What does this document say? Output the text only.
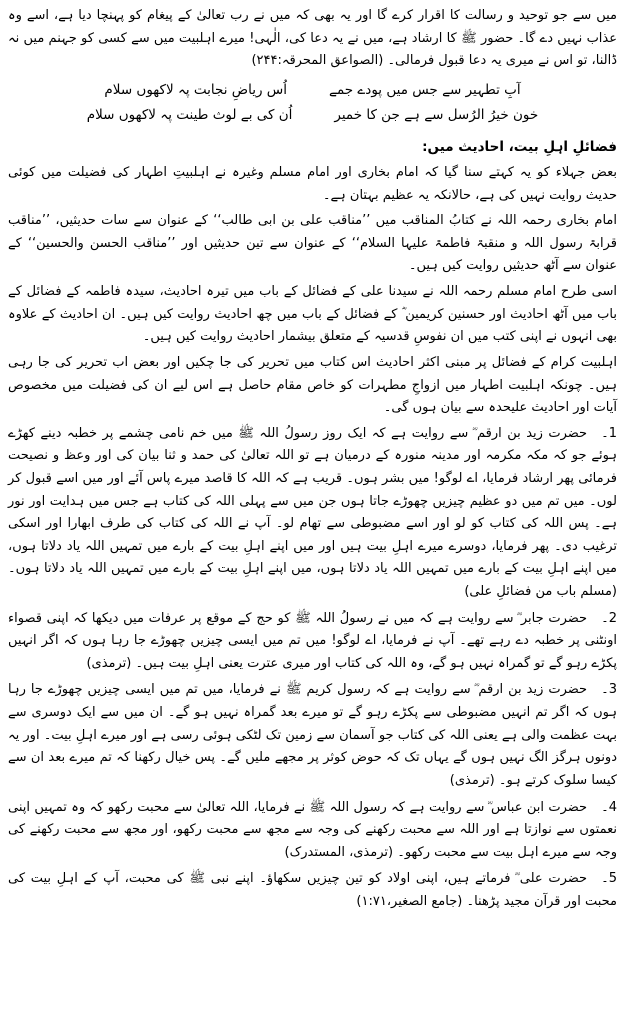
میں سے جو توحید و رسالت کا اقرار کرے گا اور یہ بھی کہ میں نے رب تعالیٰ کے پیغام کو پہنچا دیا ہے، اسے وہ عذاب نہیں دے گا۔ حضور ﷺ کا ارشاد ہے، میں نے یہ دعا کی، الٰہی! میرے اہلبیت میں سے کسی کو جہنم میں نہ ڈالنا، تو اس نے میری یہ دعا قبول فرمالی۔ (الصواعق المحرقہ:۲۴۴)

آبِ تطہیر سے جس میں پودے جمے
اُس ریاضِ نجابت پہ لاکھوں سلام
خون خیرُ الرُسل سے ہے جن کا خمیر
اُن کی بے لوث طینت پہ لاکھوں سلام
فضائلِ اہلِ بیت، احادیث میں:

بعض جہلاء کو یہ کہتے سنا گیا کہ امام بخاری اور امام مسلم وغیرہ نے اہلبیتِ اطہار کی فضیلت میں کوئی حدیث روایت نہیں کی ہے، حالانکہ یہ عظیم بہتان ہے۔

امام بخاری رحمہ اللہ نے کتابُ المناقب میں ’’مناقب علی بن ابی طالب‘‘ کے عنوان سے سات حدیثیں، ’’مناقب قرابۃ رسول اللہ و منقبۃ فاطمۃ علیہا السلام‘‘ کے عنوان سے تین حدیثیں اور ’’مناقب الحسن والحسین‘‘ کے عنوان سے آٹھ حدیثیں روایت کیں ہیں۔

اسی طرح امام مسلم رحمہ اللہ نے سیدنا علی کے فضائل کے باب میں تیرہ احادیث، سیدہ فاطمہ کے فضائل کے باب میں آٹھ احادیث اور حسنین کریمین ؓ کے فضائل کے باب میں چھ احادیث روایت کیں ہیں۔ ان احادیث کے علاوہ بھی انہوں نے اپنی کتب میں ان نفوسِ قدسیہ کے متعلق بیشمار احادیث روایت کیں ہیں۔

اہلبیت کرام کے فضائل پر مبنی اکثر احادیث اس کتاب میں تحریر کی جا چکیں اور بعض اب تحریر کی جا رہی ہیں۔ چونکہ اہلبیت اطہار میں ازواجِ مطہرات کو خاص مقام حاصل ہے اس لیے ان کی فضیلت میں مخصوص آیات اور احادیث علیحدہ سے بیان ہوں گی۔

1۔حضرت زید بن ارقم ؓ سے روایت ہے کہ ایک روز رسولُ اللہ ﷺ میں خم نامی چشمے پر خطبہ دینے کھڑے ہوئے جو کہ مکہ مکرمہ اور مدینہ منورہ کے درمیان ہے تو اللہ تعالیٰ کی حمد و ثنا بیان کی اور وعظ و نصیحت فرمائی پھر ارشاد فرمایا، اے لوگو! میں بشر ہوں۔ قریب ہے کہ اللہ کا قاصد میرے پاس آئے اور میں اسے قبول کر لوں۔ میں تم میں دو عظیم چیزیں چھوڑے جاتا ہوں جن میں سے پہلی اللہ کی کتاب ہے جس میں ہدایت اور نور ہے۔ پس اللہ کی کتاب کو لو اور اسے مضبوطی سے تھام لو۔ آپ نے اللہ کی کتاب کی طرف ابھارا اور اسکی ترغیب دی۔ پھر فرمایا، دوسرے میرے اہلِ بیت ہیں اور میں اپنے اہلِ بیت کے بارے میں تمہیں اللہ یاد دلاتا ہوں، میں اپنے اہلِ بیت کے بارے میں تمہیں اللہ یاد دلاتا ہوں، میں اپنے اہلِ بیت کے بارے میں تمہیں اللہ یاد دلاتا ہوں۔ (مسلم باب من فضائلِ علی)

2۔حضرت جابر ؓ سے روایت ہے کہ میں نے رسولُ اللہ ﷺ کو حج کے موقع پر عرفات میں دیکھا کہ اپنی قصواء اونٹنی پر خطبہ دے رہے تھے۔ آپ نے فرمایا، اے لوگو! میں تم میں ایسی چیزیں چھوڑے جا رہا ہوں کہ اگر انہیں پکڑے رہو گے تو گمراہ نہیں ہو گے، وہ اللہ کی کتاب اور میری عترت یعنی اہلِ بیت ہیں۔ (ترمذی)

3۔حضرت زید بن ارقم ؓ سے روایت ہے کہ رسول کریم ﷺ نے فرمایا، میں تم میں ایسی چیزیں چھوڑے جا رہا ہوں کہ اگر تم انہیں مضبوطی سے پکڑے رہو گے تو میرے بعد گمراہ نہیں ہو گے۔ ان میں سے ایک دوسری سے بہت عظمت والی ہے یعنی اللہ کی کتاب جو آسمان سے زمین تک لٹکی ہوئی رسی ہے اور میرے اہلِ بیت۔ اور یہ دونوں ہرگز الگ نہیں ہوں گے یہاں تک کہ حوض کوثر پر مجھے ملیں گے۔ پس خیال رکھنا کہ تم میرے بعد ان سے کیسا سلوک کرتے ہو۔ (ترمذی)

4۔حضرت ابن عباس ؓ سے روایت ہے کہ رسول اللہ ﷺ نے فرمایا، اللہ تعالیٰ سے محبت رکھو کہ وہ تمہیں اپنی نعمتوں سے نوازتا ہے اور اللہ سے محبت رکھنے کی وجہ سے مجھ سے محبت رکھو، اور مجھ سے محبت رکھنے کی وجہ سے میرے اہل بیت سے محبت رکھو۔ (ترمذی، المستدرک)

5۔حضرت علی ؓ فرماتے ہیں، اپنی اولاد کو تین چیزیں سکھاؤ۔ اپنے نبی ﷺ کی محبت، آپ کے اہلِ بیت کی محبت اور قرآن مجید پڑھنا۔ (جامع الصغیر،۱:۷۱)
